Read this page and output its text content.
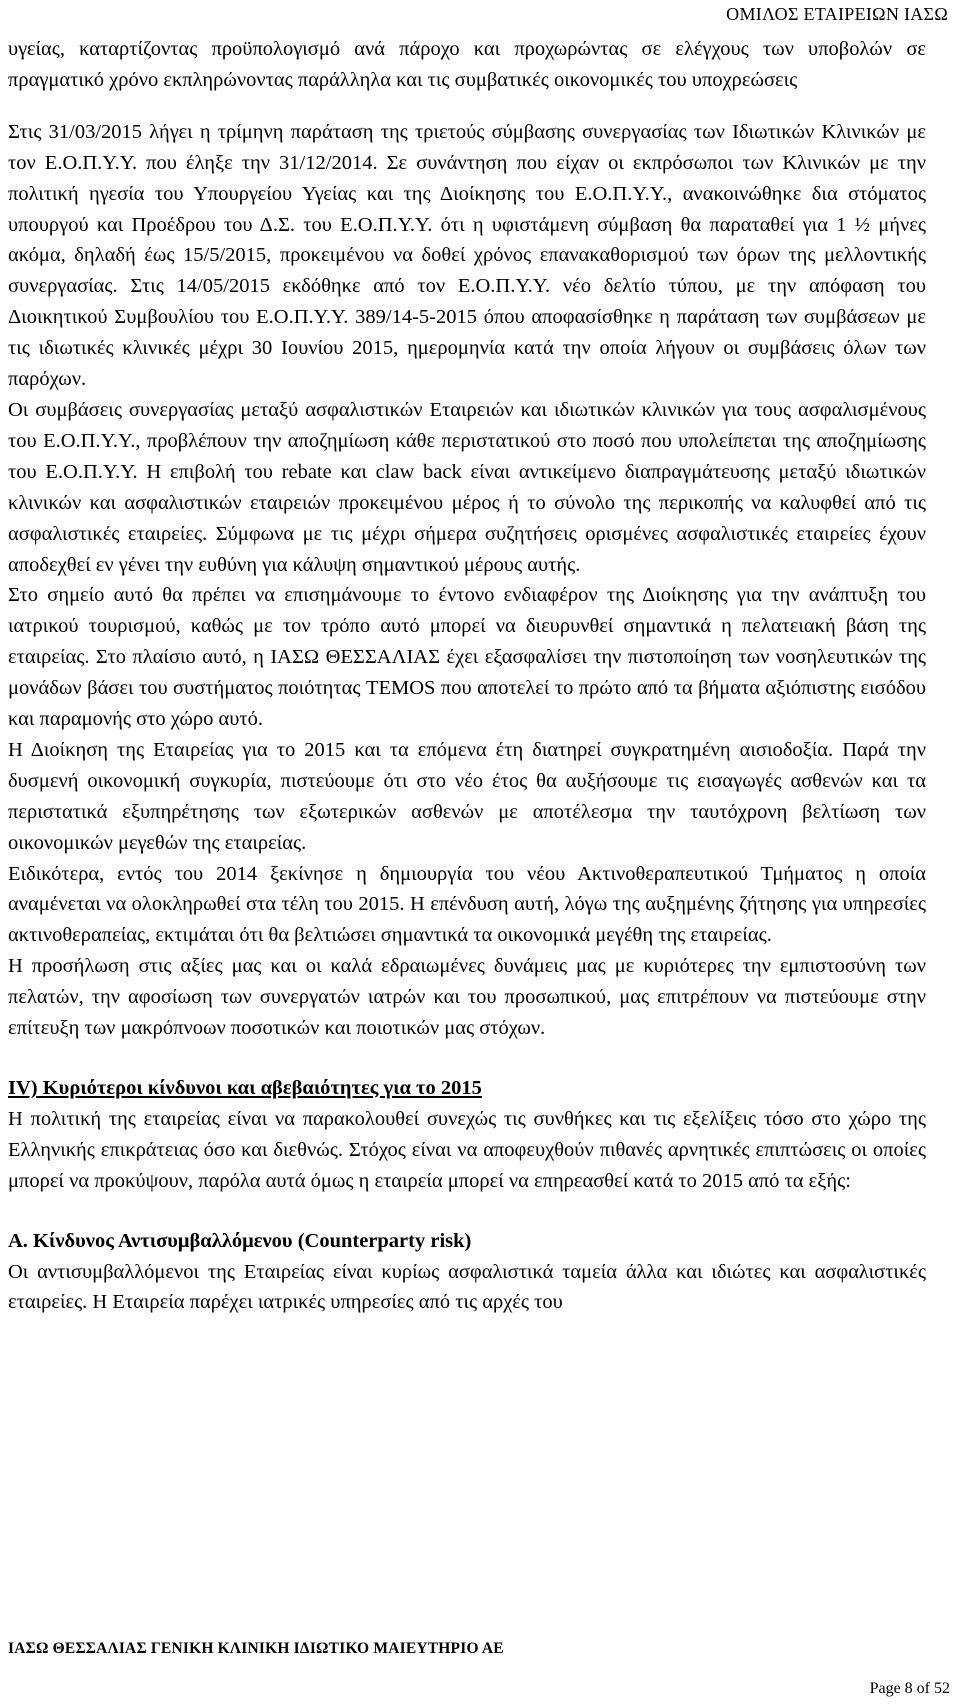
ΟΜΙΛΟΣ ΕΤΑΙΡΕΙΩΝ ΙΑΣΩ

υγείας, καταρτίζοντας προϋπολογισμό ανά πάροχο και προχωρώντας σε ελέγχους των υποβολών σε πραγματικό χρόνο εκπληρώνοντας παράλληλα και τις συμβατικές οικονομικές του υποχρεώσεις

Στις 31/03/2015 λήγει η τρίμηνη παράταση της τριετούς σύμβασης συνεργασίας των Ιδιωτικών Κλινικών με τον Ε.Ο.Π.Υ.Υ. που έληξε την 31/12/2014. Σε συνάντηση που είχαν οι εκπρόσωποι των Κλινικών με την πολιτική ηγεσία του Υπουργείου Υγείας και της Διοίκησης του Ε.Ο.Π.Υ.Υ., ανακοινώθηκε δια στόματος υπουργού και Προέδρου του Δ.Σ. του Ε.Ο.Π.Υ.Υ. ότι η υφιστάμενη σύμβαση θα παραταθεί για 1 ½ μήνες ακόμα, δηλαδή έως 15/5/2015, προκειμένου να δοθεί χρόνος επανακαθορισμού των όρων της μελλοντικής συνεργασίας. Στις 14/05/2015 εκδόθηκε από τον Ε.Ο.Π.Υ.Υ. νέο δελτίο τύπου, με την απόφαση του Διοικητικού Συμβουλίου του Ε.Ο.Π.Υ.Υ. 389/14-5-2015 όπου αποφασίσθηκε η παράταση των συμβάσεων με τις ιδιωτικές κλινικές μέχρι 30 Ιουνίου 2015, ημερομηνία κατά την οποία λήγουν οι συμβάσεις όλων των παρόχων.

Οι συμβάσεις συνεργασίας μεταξύ ασφαλιστικών Εταιρειών και ιδιωτικών κλινικών για τους ασφαλισμένους του Ε.Ο.Π.Υ.Υ., προβλέπουν την αποζημίωση κάθε περιστατικού στο ποσό που υπολείπεται της αποζημίωσης του Ε.Ο.Π.Υ.Υ. Η επιβολή του rebate και claw back είναι αντικείμενο διαπραγμάτευσης μεταξύ ιδιωτικών κλινικών και ασφαλιστικών εταιρειών προκειμένου μέρος ή το σύνολο της περικοπής να καλυφθεί από τις ασφαλιστικές εταιρείες. Σύμφωνα με τις μέχρι σήμερα συζητήσεις ορισμένες ασφαλιστικές εταιρείες έχουν αποδεχθεί εν γένει την ευθύνη για κάλυψη σημαντικού μέρους αυτής.

Στο σημείο αυτό θα πρέπει να επισημάνουμε το έντονο ενδιαφέρον της Διοίκησης για την ανάπτυξη του ιατρικού τουρισμού, καθώς με τον τρόπο αυτό μπορεί να διευρυνθεί σημαντικά η πελατειακή βάση της εταιρείας. Στο πλαίσιο αυτό, η ΙΑΣΩ ΘΕΣΣΑΛΙΑΣ έχει εξασφαλίσει την πιστοποίηση των νοσηλευτικών της μονάδων βάσει του συστήματος ποιότητας TEMOS που αποτελεί το πρώτο από τα βήματα αξιόπιστης εισόδου και παραμονής στο χώρο αυτό.

Η Διοίκηση της Εταιρείας για το 2015 και τα επόμενα έτη διατηρεί συγκρατημένη αισιοδοξία. Παρά την δυσμενή οικονομική συγκυρία, πιστεύουμε ότι στο νέο έτος θα αυξήσουμε τις εισαγωγές ασθενών και τα περιστατικά εξυπηρέτησης των εξωτερικών ασθενών με αποτέλεσμα την ταυτόχρονη βελτίωση των οικονομικών μεγεθών της εταιρείας.

Ειδικότερα, εντός του 2014 ξεκίνησε η δημιουργία του νέου Ακτινοθεραπευτικού Τμήματος η οποία αναμένεται να ολοκληρωθεί στα τέλη του 2015. Η επένδυση αυτή, λόγω της αυξημένης ζήτησης για υπηρεσίες ακτινοθεραπείας, εκτιμάται ότι θα βελτιώσει σημαντικά τα οικονομικά μεγέθη της εταιρείας.

Η προσήλωση στις αξίες μας και οι καλά εδραιωμένες δυνάμεις μας με κυριότερες την εμπιστοσύνη των πελατών, την αφοσίωση των συνεργατών ιατρών και του προσωπικού, μας επιτρέπουν να πιστεύουμε στην επίτευξη των μακρόπνοων ποσοτικών και ποιοτικών μας στόχων.

IV) Κυριότεροι κίνδυνοι και αβεβαιότητες για το 2015

Η πολιτική της εταιρείας είναι να παρακολουθεί συνεχώς τις συνθήκες και τις εξελίξεις τόσο στο χώρο της Ελληνικής επικράτειας όσο και διεθνώς. Στόχος είναι να αποφευχθούν πιθανές αρνητικές επιπτώσεις οι οποίες μπορεί να προκύψουν, παρόλα αυτά όμως η εταιρεία μπορεί να επηρεασθεί κατά το 2015 από τα εξής:

A. Κίνδυνος Αντισυμβαλλόμενου (Counterparty risk)

Οι αντισυμβαλλόμενοι της Εταιρείας είναι κυρίως ασφαλιστικά ταμεία άλλα και ιδιώτες και ασφαλιστικές εταιρείες. Η Εταιρεία παρέχει ιατρικές υπηρεσίες από τις αρχές του

ΙΑΣΩ ΘΕΣΣΑΛΙΑΣ ΓΕΝΙΚΗ ΚΛΙΝΙΚΗ ΙΔΙΩΤΙΚΟ ΜΑΙΕΥΤΗΡΙΟ ΑΕ
Page 8 of 52
